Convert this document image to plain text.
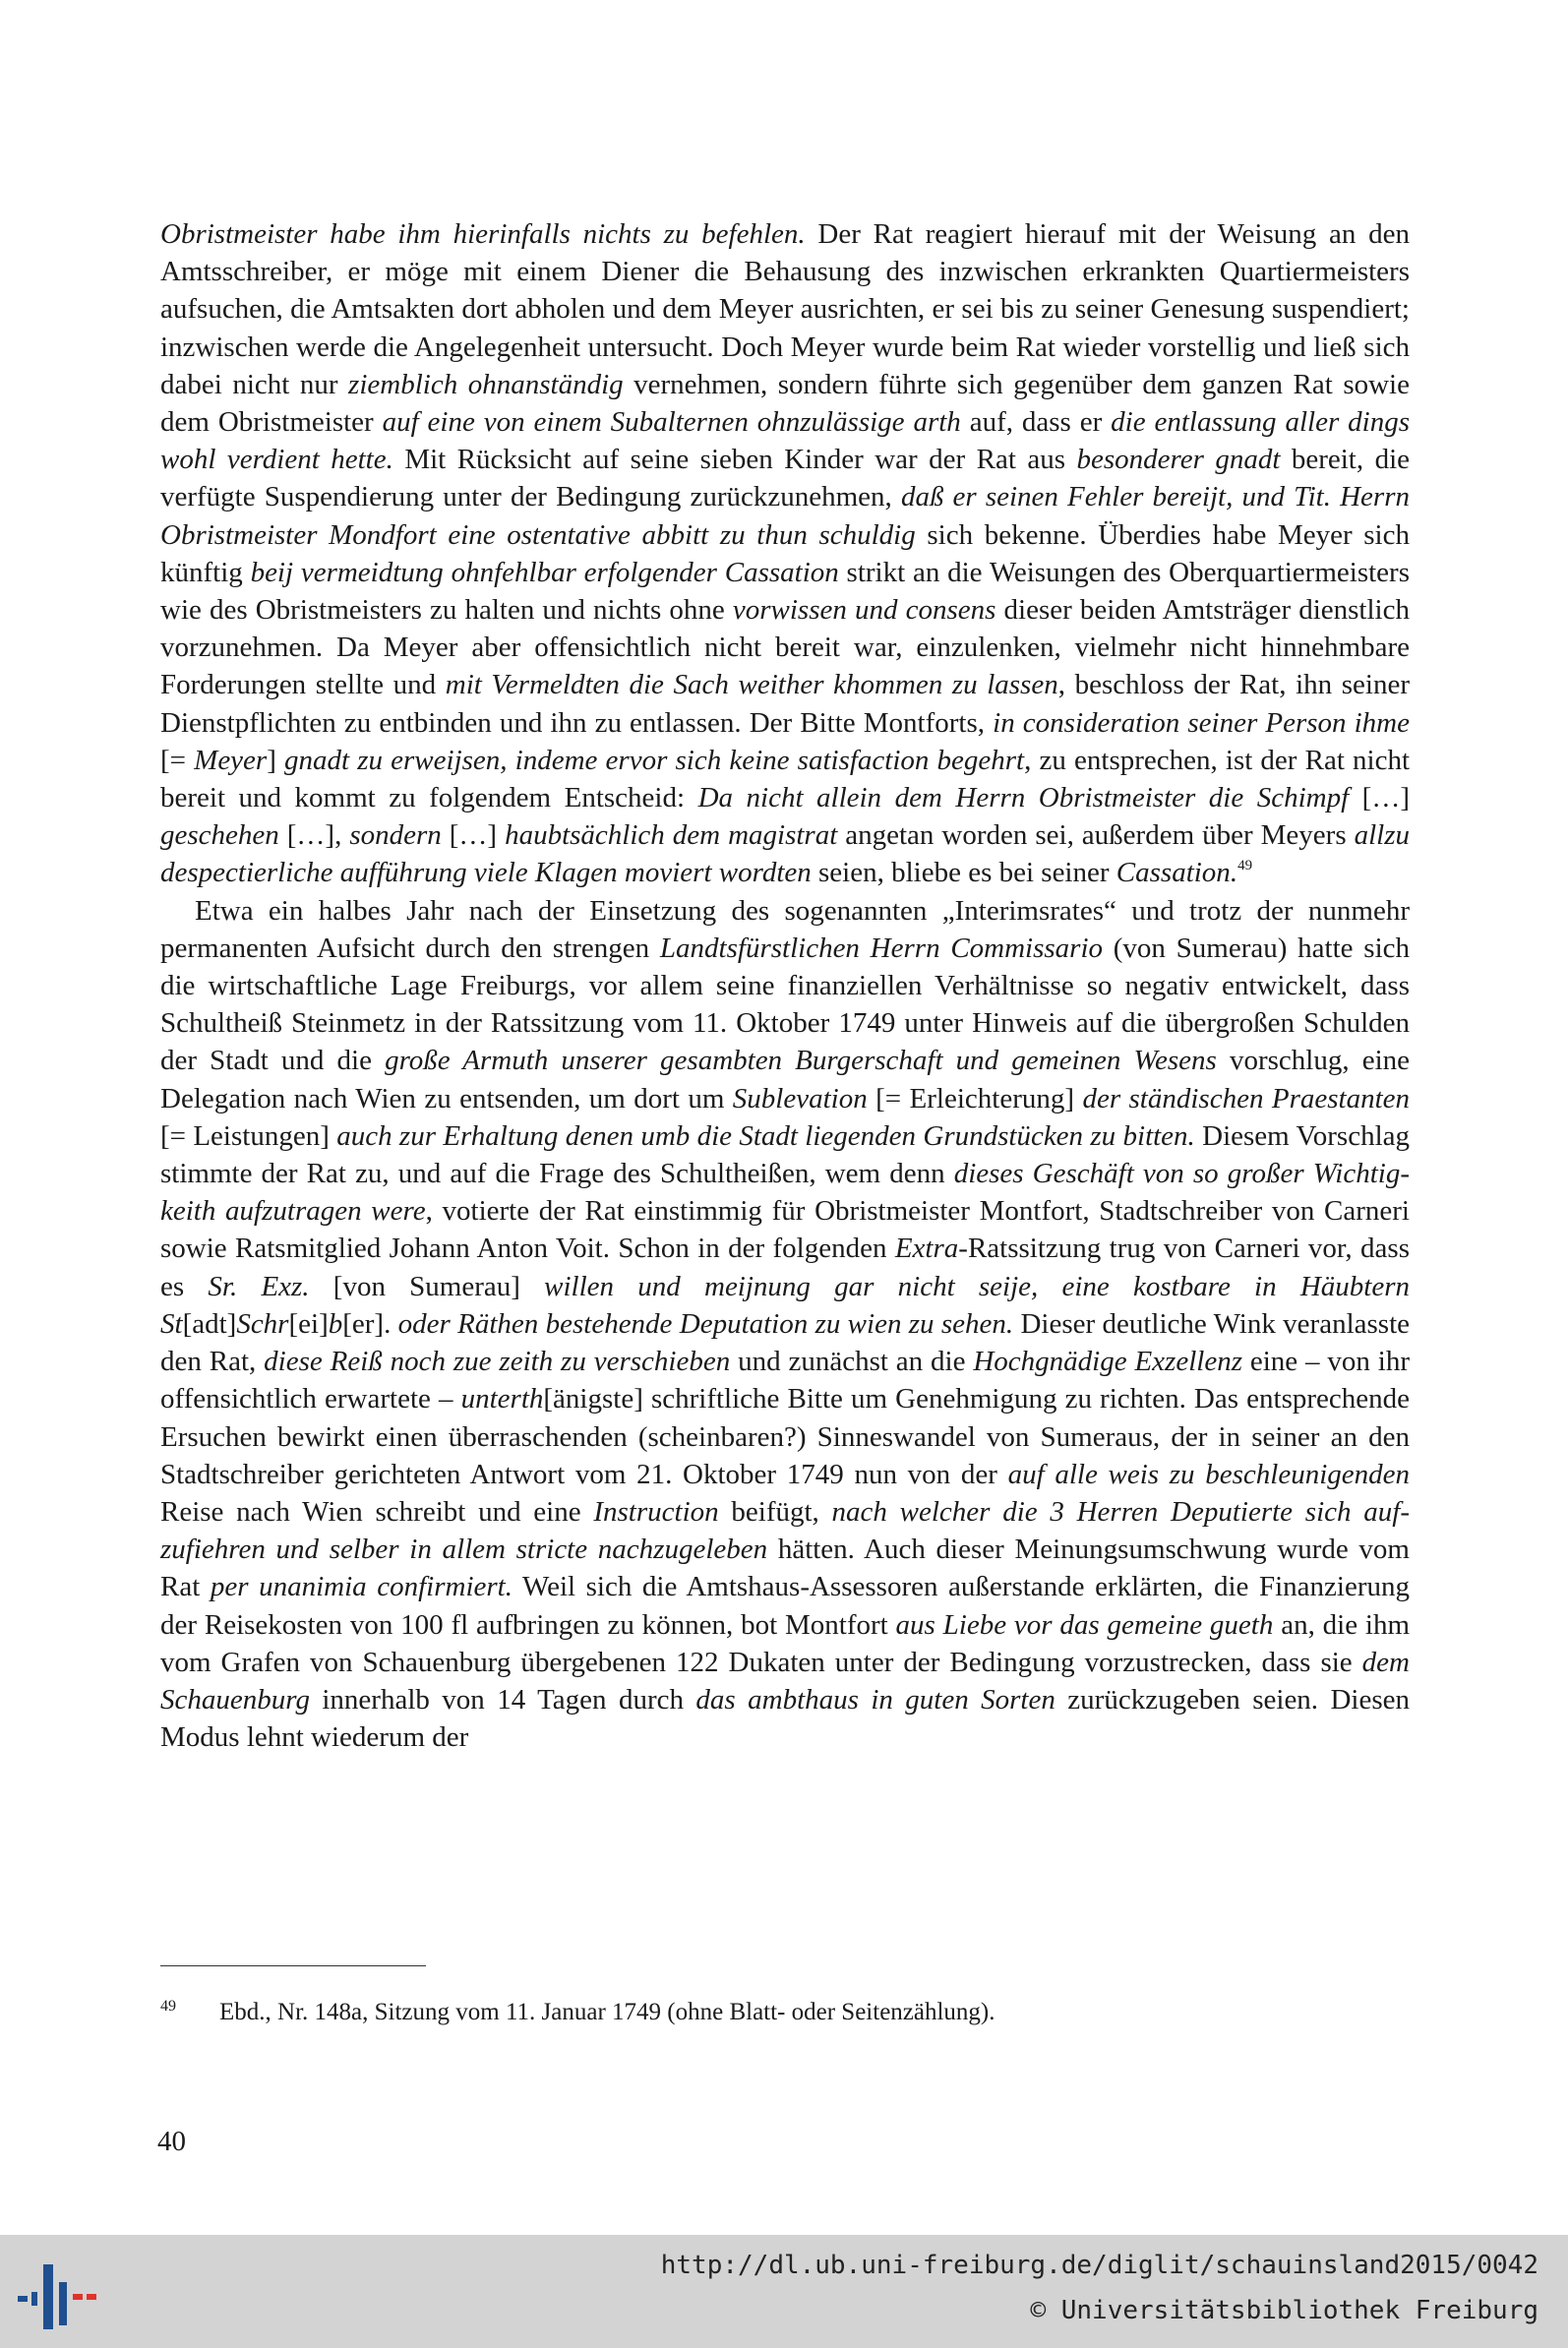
Obristmeister habe ihm hierinfalls nichts zu befehlen. Der Rat reagiert hierauf mit der Weisung an den Amtsschreiber, er möge mit einem Diener die Behausung des inzwischen erkrankten Quartiermeisters aufsuchen, die Amtsakten dort abholen und dem Meyer ausrichten, er sei bis zu seiner Genesung suspendiert; inzwischen werde die Angelegenheit untersucht. Doch Meyer wurde beim Rat wieder vorstellig und ließ sich dabei nicht nur ziemblich ohnanständig vernehmen, sondern führte sich gegenüber dem ganzen Rat sowie dem Obristmeister auf eine von einem Subalternen ohnzulässige arth auf, dass er die entlassung aller dings wohl verdient hette. Mit Rücksicht auf seine sieben Kinder war der Rat aus besonderer gnadt bereit, die verfügte Suspendierung unter der Bedingung zurückzunehmen, daß er seinen Fehler bereijt, und Tit. Herrn Obristmeister Mondfort eine ostentative abbitt zu thun schuldig sich bekenne. Überdies habe Meyer sich künftig beij vermeidtung ohnfehlbar erfolgender Cassation strikt an die Weisungen des Oberquartiermeisters wie des Obristmeisters zu halten und nichts ohne vorwissen und consens dieser beiden Amtsträger dienstlich vorzunehmen. Da Meyer aber offensichtlich nicht bereit war, einzulenken, vielmehr nicht hinnehmbare Forderungen stellte und mit Vermeldten die Sach weither khommen zu lassen, beschloss der Rat, ihn seiner Dienstpflichten zu entbinden und ihn zu entlassen. Der Bitte Montforts, in consideration seiner Person ihme [= Meyer] gnadt zu erweijsen, indeme ervor sich keine satisfaction begehrt, zu entsprechen, ist der Rat nicht bereit und kommt zu folgendem Entscheid: Da nicht allein dem Herrn Obristmeister die Schimpf […] geschehen […], sondern […] haubtsächlich dem magistrat angetan worden sei, außerdem über Meyers allzu despectierliche aufführung viele Klagen moviert wordten seien, bliebe es bei seiner Cassation.$^{49}$

Etwa ein halbes Jahr nach der Einsetzung des sogenannten „Interimsrates“ und trotz der nunmehr permanenten Aufsicht durch den strengen Landtsfürstlichen Herrn Commissario (von Sumerau) hatte sich die wirtschaftliche Lage Freiburgs, vor allem seine finanziellen Verhältnisse so negativ entwickelt, dass Schultheiß Steinmetz in der Ratssitzung vom 11. Oktober 1749 unter Hinweis auf die übergroßen Schulden der Stadt und die große Armuth unserer gesambten Burgerschaft und gemeinen Wesens vorschlug, eine Delegation nach Wien zu entsenden, um dort um Sublevation [= Erleichterung] der ständischen Praestanten [= Leistungen] auch zur Erhaltung denen umb die Stadt liegenden Grundstücken zu bitten. Diesem Vorschlag stimmte der Rat zu, und auf die Frage des Schultheißen, wem denn dieses Geschäft von so großer Wichtigkeith aufzutragen were, votierte der Rat einstimmig für Obristmeister Montfort, Stadtschreiber von Carneri sowie Ratsmitglied Johann Anton Voit. Schon in der folgenden Extra-Ratssitzung trug von Carneri vor, dass es Sr. Exz. [von Sumerau] willen und meijnung gar nicht seije, eine kostbare in Häubtern St[adt]Schr[ei]b[er]. oder Räthen bestehende Deputation zu wien zu sehen. Dieser deutliche Wink veranlasste den Rat, diese Reiß noch zue zeith zu verschieben und zunächst an die Hochgnädige Exzellenz eine – von ihr offensichtlich erwartete – unterth[änigste] schriftliche Bitte um Genehmigung zu richten. Das entsprechende Ersuchen bewirkt einen überraschenden (scheinbaren?) Sinneswandel von Sumeraus, der in seiner an den Stadtschreiber gerichteten Antwort vom 21. Oktober 1749 nun von der auf alle weis zu beschleunigenden Reise nach Wien schreibt und eine Instruction beifügt, nach welcher die 3 Herren Deputierte sich aufzufiehren und selber in allem stricte nachzugeleben hätten. Auch dieser Meinungsumschwung wurde vom Rat per unanimia confirmiert. Weil sich die Amtshaus-Assessoren außerstande erklärten, die Finanzierung der Reisekosten von 100 fl aufbringen zu können, bot Montfort aus Liebe vor das gemeine gueth an, die ihm vom Grafen von Schauenburg übergebenen 122 Dukaten unter der Bedingung vorzustrecken, dass sie dem Schauenburg innerhalb von 14 Tagen durch das ambthaus in guten Sorten zurückzugeben seien. Diesen Modus lehnt wiederum der

49 Ebd., Nr. 148a, Sitzung vom 11. Januar 1749 (ohne Blatt- oder Seitenzählung).
40
http://dl.ub.uni-freiburg.de/diglit/schauinsland2015/0042
© Universitätsbibliothek Freiburg
